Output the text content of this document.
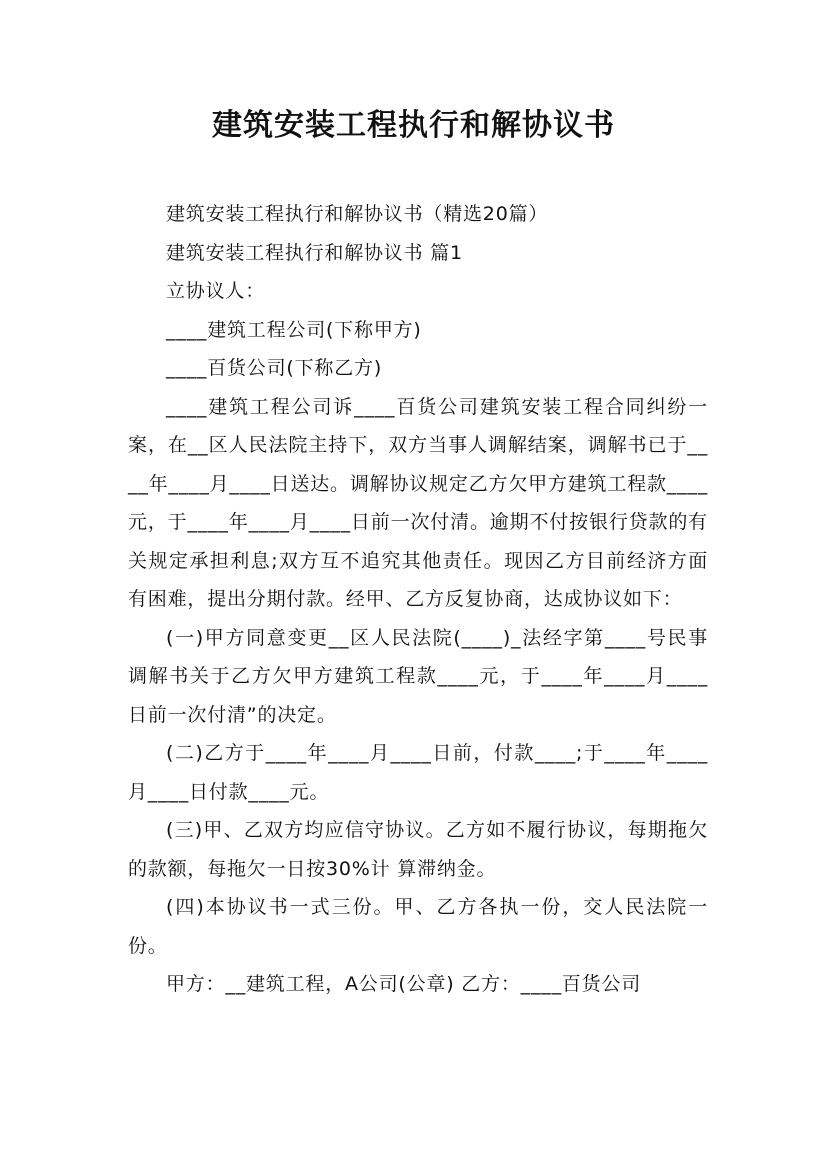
建筑安装工程执行和解协议书

建筑安装工程执行和解协议书（精选20篇）

建筑安装工程执行和解协议书 篇1

立协议人：

____建筑工程公司(下称甲方)

____百货公司(下称乙方)

____建筑工程公司诉____百货公司建筑安装工程合同纠纷一案，在__区人民法院主持下，双方当事人调解结案，调解书已于____年____月____日送达。调解协议规定乙方欠甲方建筑工程款____元，于____年____月____日前一次付清。逾期不付按银行贷款的有关规定承担利息;双方互不追究其他责任。现因乙方目前经济方面有困难，提出分期付款。经甲、乙方反复协商，达成协议如下：

(一)甲方同意变更__区人民法院(____)_法经字第____号民事调解书关于乙方欠甲方建筑工程款____元，于____年____月____日前一次付清”的决定。

(二)乙方于____年____月____日前，付款____;于____年____月____日付款____元。

(三)甲、乙双方均应信守协议。乙方如不履行协议，每期拖欠的款额，每拖欠一日按30%计 算滞纳金。

(四)本协议书一式三份。甲、乙方各执一份，交人民法院一份。

甲方：__建筑工程，A公司(公章) 乙方：____百货公司
